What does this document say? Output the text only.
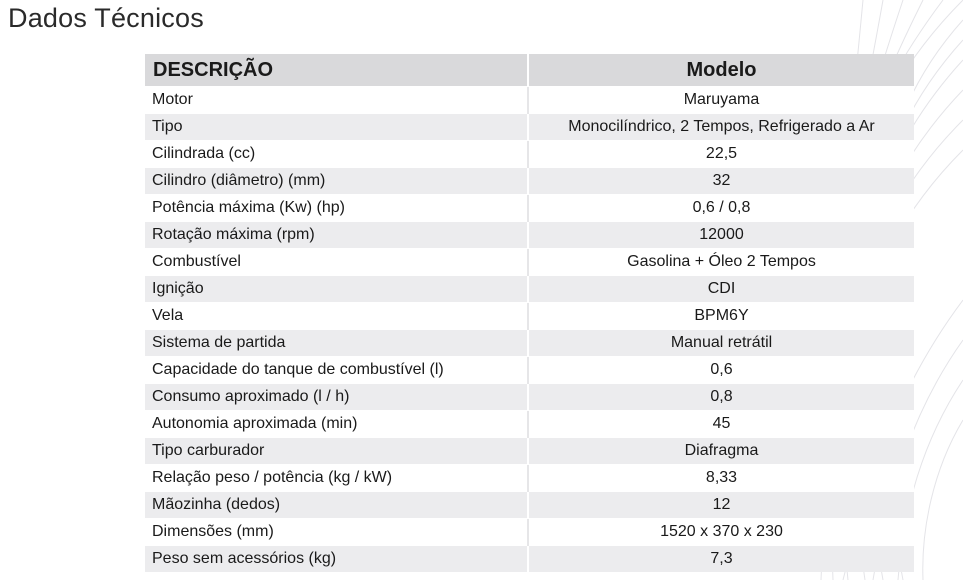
Dados Técnicos
DESCRIÇÃO	Modelo
Motor	Maruyama
Tipo	Monocilíndrico, 2 Tempos, Refrigerado a Ar
Cilindrada (cc)	22,5
Cilindro (diâmetro) (mm)	32
Potência máxima (Kw) (hp)	0,6 / 0,8
Rotação máxima (rpm)	12000
Combustível	Gasolina + Óleo 2 Tempos
Ignição	CDI
Vela	BPM6Y
Sistema de partida	Manual retrátil
Capacidade do tanque de combustível (l)	0,6
Consumo aproximado (l / h)	0,8
Autonomia aproximada (min)	45
Tipo carburador	Diafragma
Relação peso / potência (kg / kW)	8,33
Mãozinha (dedos)	12
Dimensões (mm)	1520 x 370 x 230
Peso sem acessórios (kg)	7,3
